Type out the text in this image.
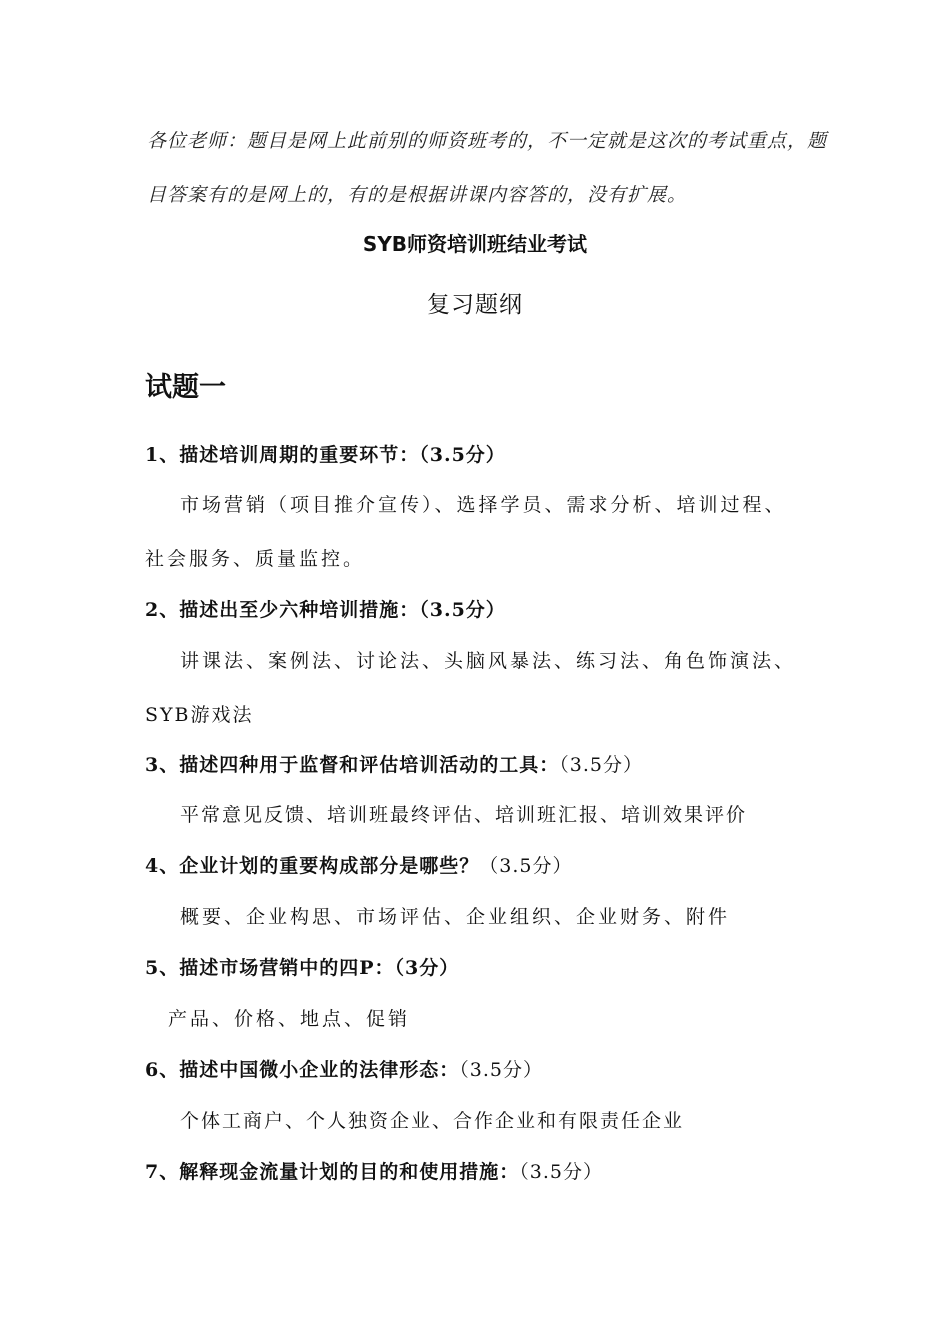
各位老师：题目是网上此前别的师资班考的，不一定就是这次的考试重点，题
目答案有的是网上的，有的是根据讲课内容答的，没有扩展。
SYB师资培训班结业考试
复习题纲
试题一
1、描述培训周期的重要环节：（3.5分）
市场营销（项目推介宣传）、选择学员、需求分析、培训过程、
社会服务、质量监控。
2、描述出至少六种培训措施：（3.5分）
讲课法、案例法、讨论法、头脑风暴法、练习法、角色饰演法、
SYB游戏法
3、描述四种用于监督和评估培训活动的工具：（3.5分）
平常意见反馈、培训班最终评估、培训班汇报、培训效果评价
4、企业计划的重要构成部分是哪些？（3.5分）
概要、企业构思、市场评估、企业组织、企业财务、附件
5、描述市场营销中的四P：（3分）
产品、价格、地点、促销
6、描述中国微小企业的法律形态：（3.5分）
个体工商户、个人独资企业、合作企业和有限责任企业
7、解释现金流量计划的目的和使用措施：（3.5分）
